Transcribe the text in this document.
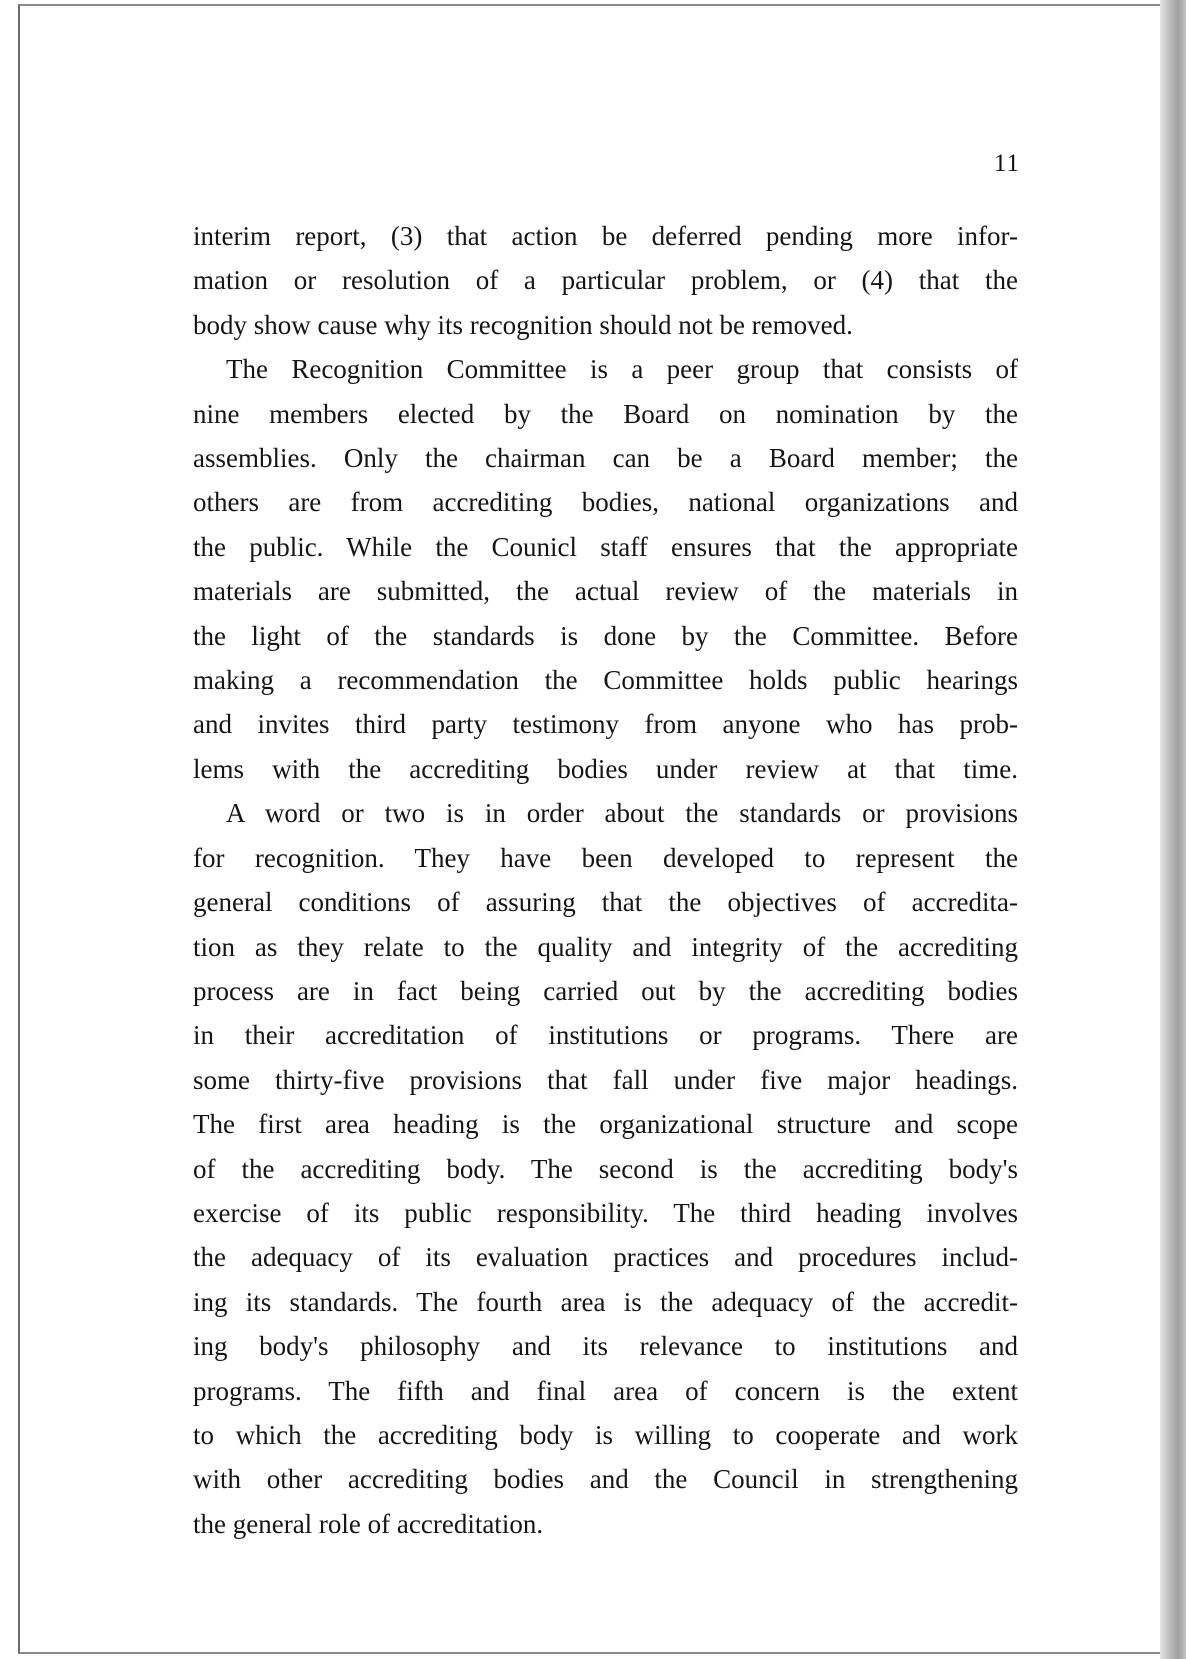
11

interim report, (3) that action be deferred pending more infor-
mation or resolution of a particular problem, or (4) that the
body show cause why its recognition should not be removed.

The Recognition Committee is a peer group that consists of
nine members elected by the Board on nomination by the
assemblies. Only the chairman can be a Board member; the
others are from accrediting bodies, national organizations and
the public. While the Counicl staff ensures that the appropriate
materials are submitted, the actual review of the materials in
the light of the standards is done by the Committee. Before
making a recommendation the Committee holds public hearings
and invites third party testimony from anyone who has prob-
lems with the accrediting bodies under review at that time.

A word or two is in order about the standards or provisions
for recognition. They have been developed to represent the
general conditions of assuring that the objectives of accredita-
tion as they relate to the quality and integrity of the accrediting
process are in fact being carried out by the accrediting bodies
in their accreditation of institutions or programs. There are
some thirty-five provisions that fall under five major headings.
The first area heading is the organizational structure and scope
of the accrediting body. The second is the accrediting body's
exercise of its public responsibility. The third heading involves
the adequacy of its evaluation practices and procedures includ-
ing its standards. The fourth area is the adequacy of the accredit-
ing body's philosophy and its relevance to institutions and
programs. The fifth and final area of concern is the extent
to which the accrediting body is willing to cooperate and work
with other accrediting bodies and the Council in strengthening
the general role of accreditation.
